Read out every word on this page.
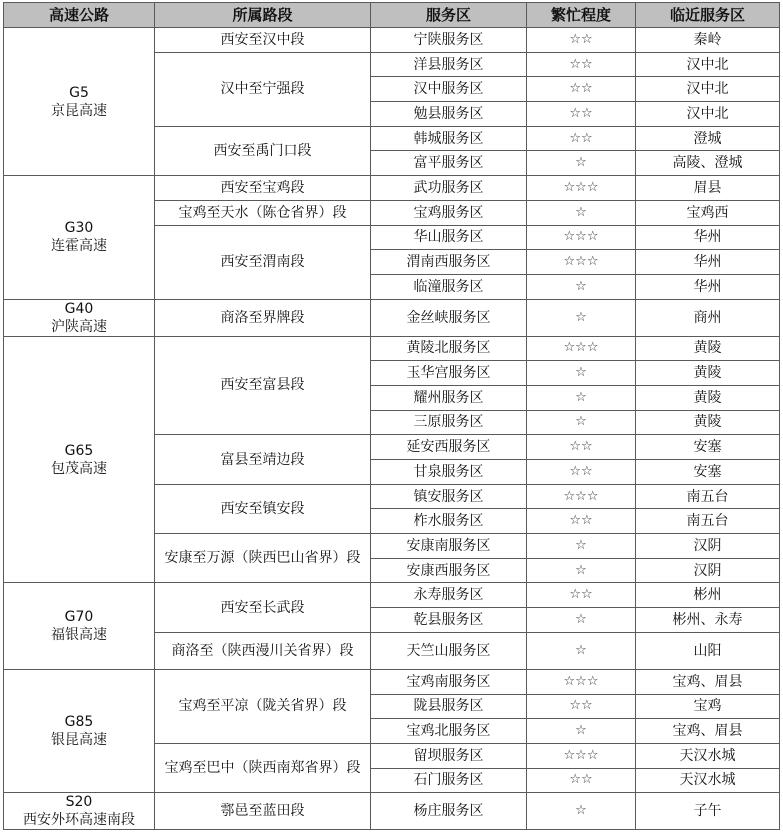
高速公路	所属路段	服务区	繁忙程度	临近服务区

G5
京昆高速	西安至汉中段	宁陕服务区	☆☆	秦岭
	汉中至宁强段	洋县服务区	☆☆	汉中北
		汉中服务区	☆☆	汉中北
		勉县服务区	☆☆	汉中北
	西安至禹门口段	韩城服务区	☆☆	澄城
		富平服务区	☆	高陵、澄城

G30
连霍高速	西安至宝鸡段	武功服务区	☆☆☆	眉县
	宝鸡至天水（陈仓省界）段	宝鸡服务区	☆	宝鸡西
	西安至渭南段	华山服务区	☆☆☆	华州
		渭南西服务区	☆☆☆	华州
		临潼服务区	☆	华州

G40
沪陕高速	商洛至界牌段	金丝峡服务区	☆	商州

G65
包茂高速	西安至富县段	黄陵北服务区	☆☆☆	黄陵
		玉华宫服务区	☆	黄陵
		耀州服务区	☆	黄陵
		三原服务区	☆	黄陵
	富县至靖边段	延安西服务区	☆☆	安塞
		甘泉服务区	☆☆	安塞
	西安至镇安段	镇安服务区	☆☆☆	南五台
		柞水服务区	☆☆	南五台
	安康至万源（陕西巴山省界）段	安康南服务区	☆	汉阴
		安康西服务区	☆	汉阴

G70
福银高速	西安至长武段	永寿服务区	☆☆	彬州
		乾县服务区	☆	彬州、永寿
	商洛至（陕西漫川关省界）段	天竺山服务区	☆	山阳

G85
银昆高速	宝鸡至平凉（陇关省界）段	宝鸡南服务区	☆☆☆	宝鸡、眉县
		陇县服务区	☆☆	宝鸡
		宝鸡北服务区	☆	宝鸡、眉县
	宝鸡至巴中（陕西南郑省界）段	留坝服务区	☆☆☆	天汉水城
		石门服务区	☆☆	天汉水城

S20
西安外环高速南段	鄠邑至蓝田段	杨庄服务区	☆	子午
